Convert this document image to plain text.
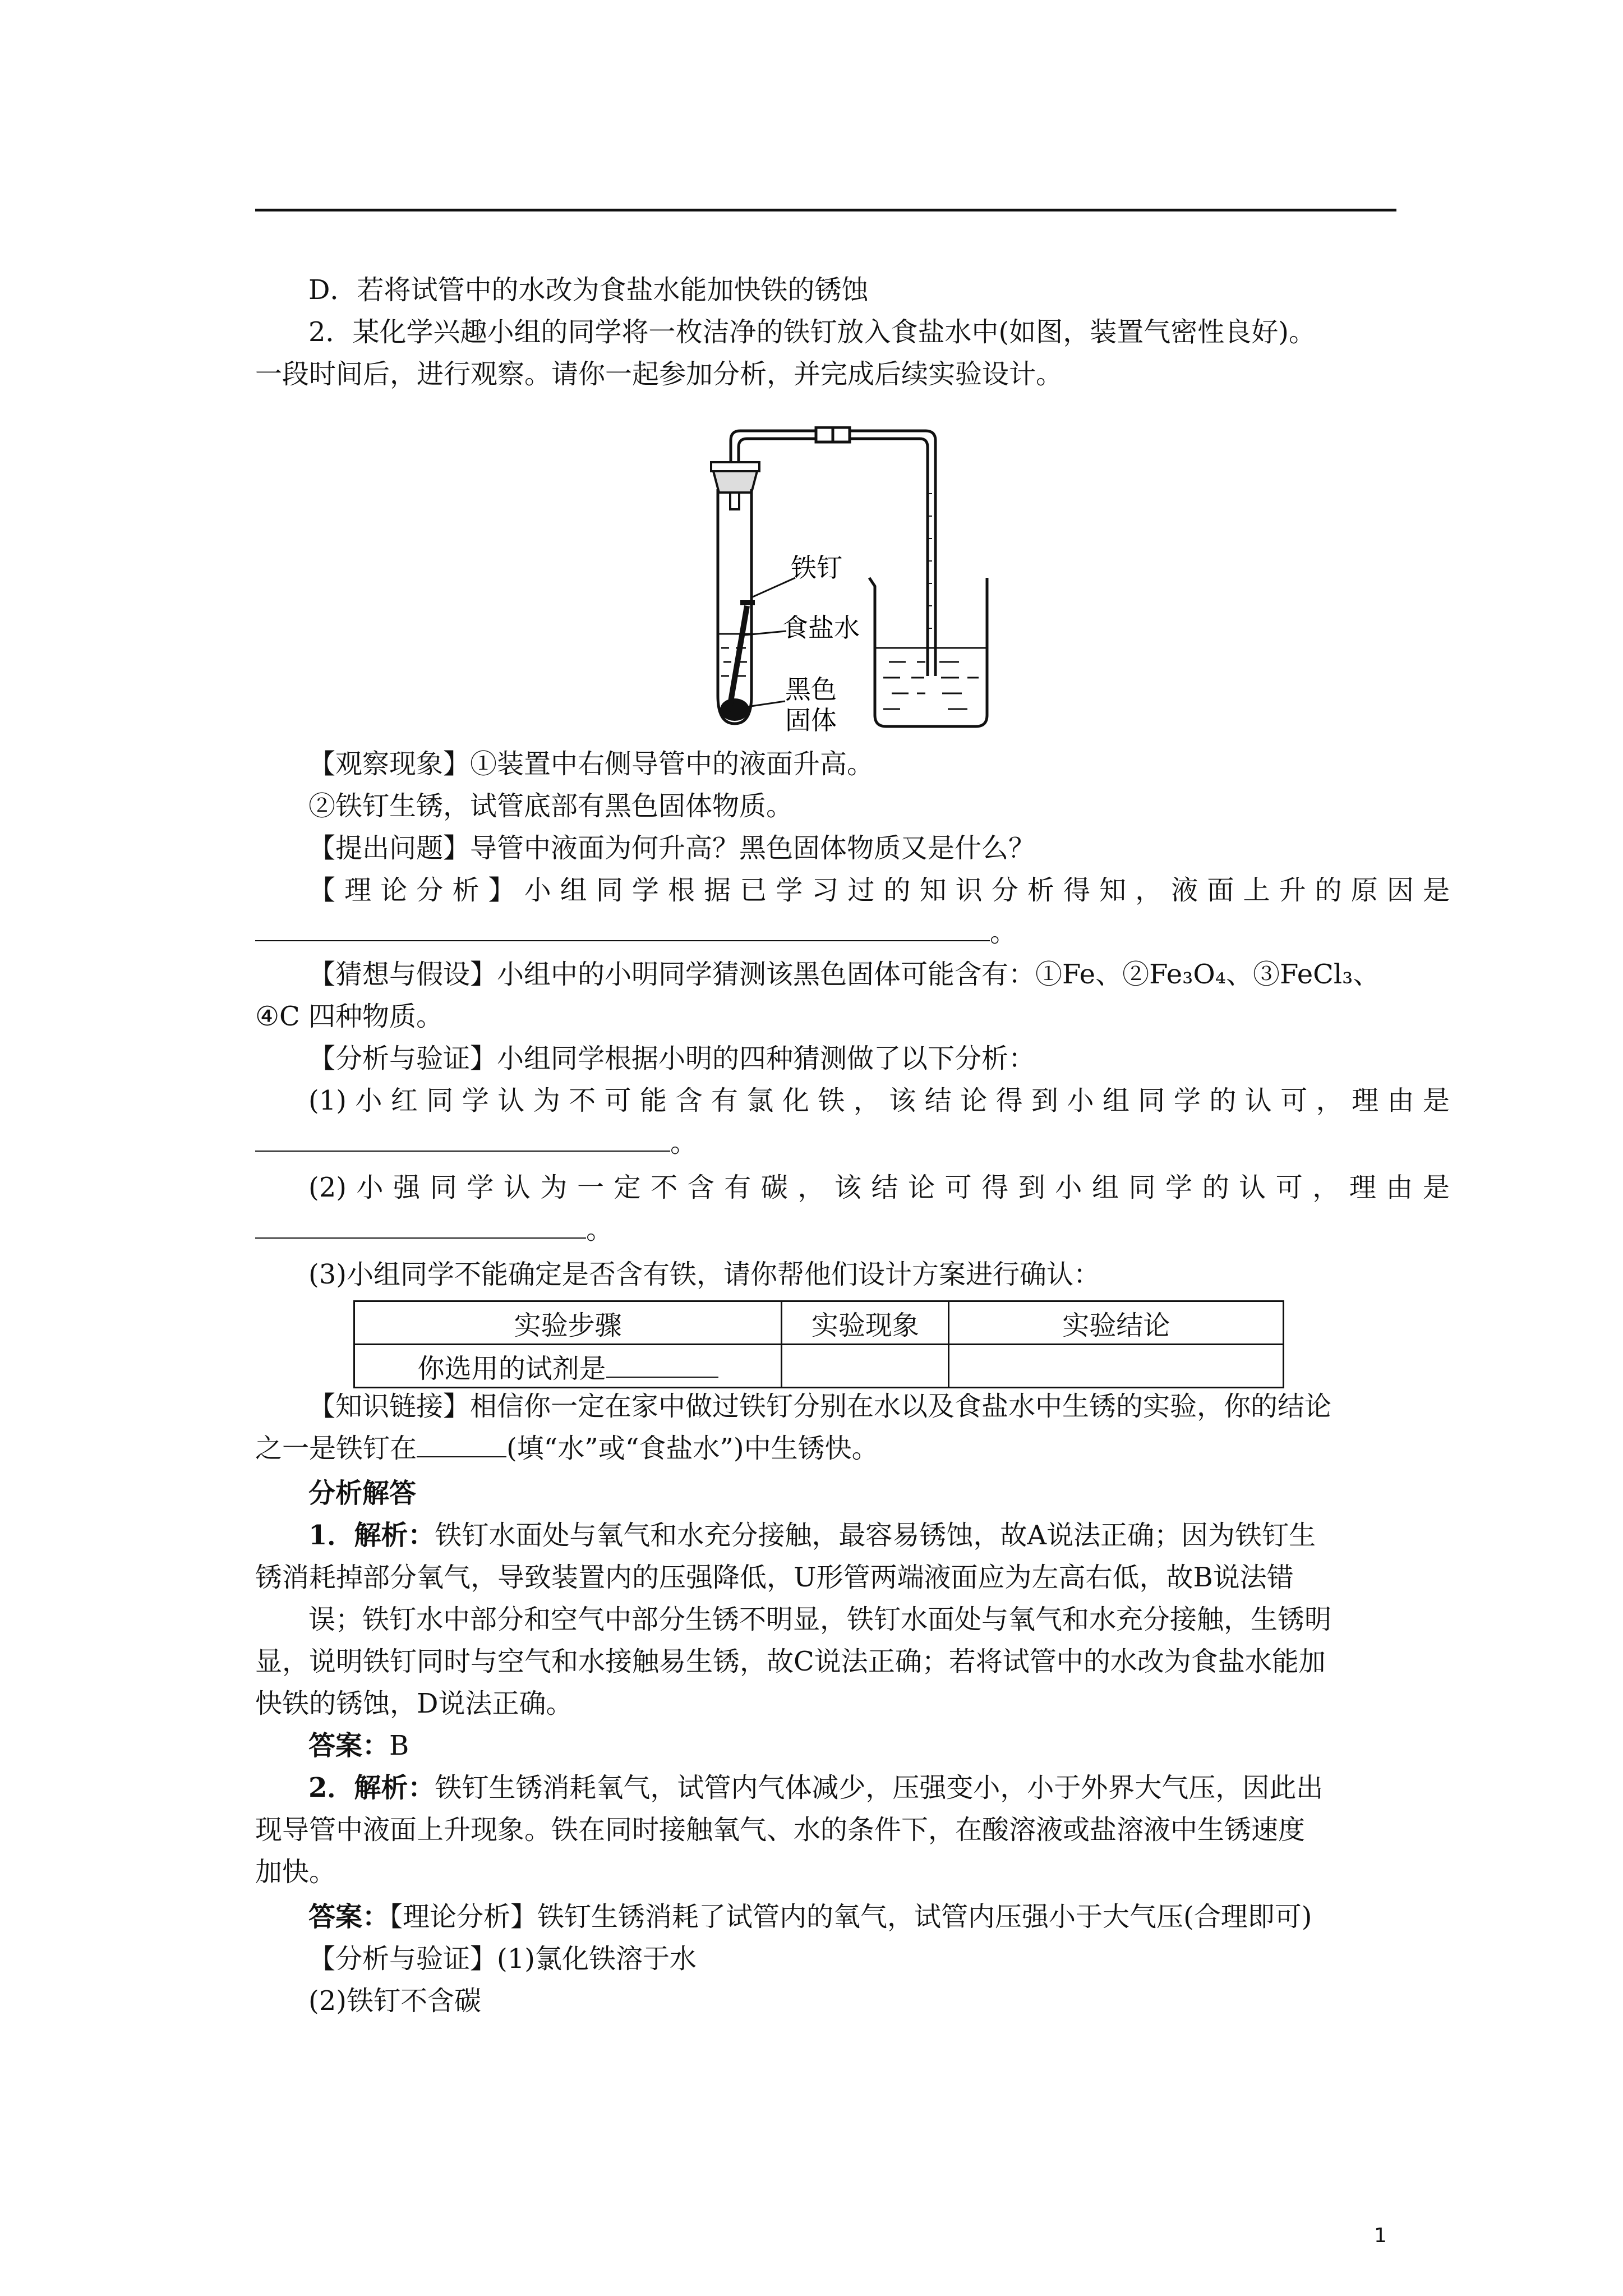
D．若将试管中的水改为食盐水能加快铁的锈蚀
2．某化学兴趣小组的同学将一枚洁净的铁钉放入食盐水中(如图，装置气密性良好)。
一段时间后，进行观察。请你一起参加分析，并完成后续实验设计。
铁钉
食盐水
黑色
固体
【观察现象】①装置中右侧导管中的液面升高。
②铁钉生锈，试管底部有黑色固体物质。
【提出问题】导管中液面为何升高？黑色固体物质又是什么？
【理论分析】小组同学根据已学习过的知识分析得知，液面上升的原因是
。
【猜想与假设】小组中的小明同学猜测该黑色固体可能含有：①Fe、②Fe₃O₄、③FeCl₃、
④C 四种物质。
【分析与验证】小组同学根据小明的四种猜测做了以下分析：
(1)小红同学认为不可能含有氯化铁，该结论得到小组同学的认可，理由是
。
(2)小强同学认为一定不含有碳，该结论可得到小组同学的认可，理由是
。
(3)小组同学不能确定是否含有铁，请你帮他们设计方案进行确认：
实验步骤	实验现象	实验结论
你选用的试剂是		
【知识链接】相信你一定在家中做过铁钉分别在水以及食盐水中生锈的实验，你的结论
之一是铁钉在	(填“水”或“食盐水”)中生锈快。
分析解答
1．解析：铁钉水面处与氧气和水充分接触，最容易锈蚀，故A说法正确；因为铁钉生
锈消耗掉部分氧气，导致装置内的压强降低，U形管两端液面应为左高右低，故B说法错
误；铁钉水中部分和空气中部分生锈不明显，铁钉水面处与氧气和水充分接触，生锈明
显，说明铁钉同时与空气和水接触易生锈，故C说法正确；若将试管中的水改为食盐水能加
快铁的锈蚀，D说法正确。
答案：B
2．解析：铁钉生锈消耗氧气，试管内气体减少，压强变小，小于外界大气压，因此出
现导管中液面上升现象。铁在同时接触氧气、水的条件下，在酸溶液或盐溶液中生锈速度
加快。
答案：【理论分析】铁钉生锈消耗了试管内的氧气，试管内压强小于大气压(合理即可)
【分析与验证】(1)氯化铁溶于水
(2)铁钉不含碳
1
